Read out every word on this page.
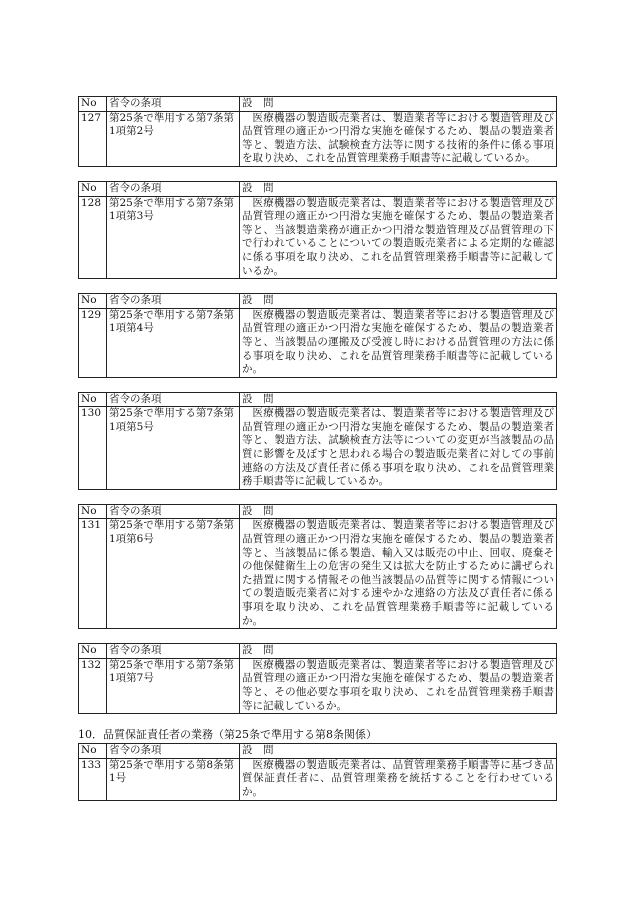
No	省令の条項	設　問
127	第25条で準用する第7条第1項第2号	医療機器の製造販売業者は、製造業者等における製造管理及び品質管理の適正かつ円滑な実施を確保するため、製品の製造業者等と、製造方法、試験検査方法等に関する技術的条件に係る事項を取り決め、これを品質管理業務手順書等に記載しているか。
No	省令の条項	設　問
128	第25条で準用する第7条第1項第3号	医療機器の製造販売業者は、製造業者等における製造管理及び品質管理の適正かつ円滑な実施を確保するため、製品の製造業者等と、当該製造業務が適正かつ円滑な製造管理及び品質管理の下で行われていることについての製造販売業者による定期的な確認に係る事項を取り決め、これを品質管理業務手順書等に記載しているか。
No	省令の条項	設　問
129	第25条で準用する第7条第1項第4号	医療機器の製造販売業者は、製造業者等における製造管理及び品質管理の適正かつ円滑な実施を確保するため、製品の製造業者等と、当該製品の運搬及び受渡し時における品質管理の方法に係る事項を取り決め、これを品質管理業務手順書等に記載しているか。
No	省令の条項	設　問
130	第25条で準用する第7条第1項第5号	医療機器の製造販売業者は、製造業者等における製造管理及び品質管理の適正かつ円滑な実施を確保するため、製品の製造業者等と、製造方法、試験検査方法等についての変更が当該製品の品質に影響を及ぼすと思われる場合の製造販売業者に対しての事前連絡の方法及び責任者に係る事項を取り決め、これを品質管理業務手順書等に記載しているか。
No	省令の条項	設　問
131	第25条で準用する第7条第1項第6号	医療機器の製造販売業者は、製造業者等における製造管理及び品質管理の適正かつ円滑な実施を確保するため、製品の製造業者等と、当該製品に係る製造、輸入又は販売の中止、回収、廃棄その他保健衛生上の危害の発生又は拡大を防止するために講ぜられた措置に関する情報その他当該製品の品質等に関する情報についての製造販売業者に対する速やかな連絡の方法及び責任者に係る事項を取り決め、これを品質管理業務手順書等に記載しているか。
No	省令の条項	設　問
132	第25条で準用する第7条第1項第7号	医療機器の製造販売業者は、製造業者等における製造管理及び品質管理の適正かつ円滑な実施を確保するため、製品の製造業者等と、その他必要な事項を取り決め、これを品質管理業務手順書等に記載しているか。
10．品質保証責任者の業務（第25条で準用する第8条関係）
No	省令の条項	設　問
133	第25条で準用する第8条第1号	医療機器の製造販売業者は、品質管理業務手順書等に基づき品質保証責任者に、品質管理業務を統括することを行わせているか。
